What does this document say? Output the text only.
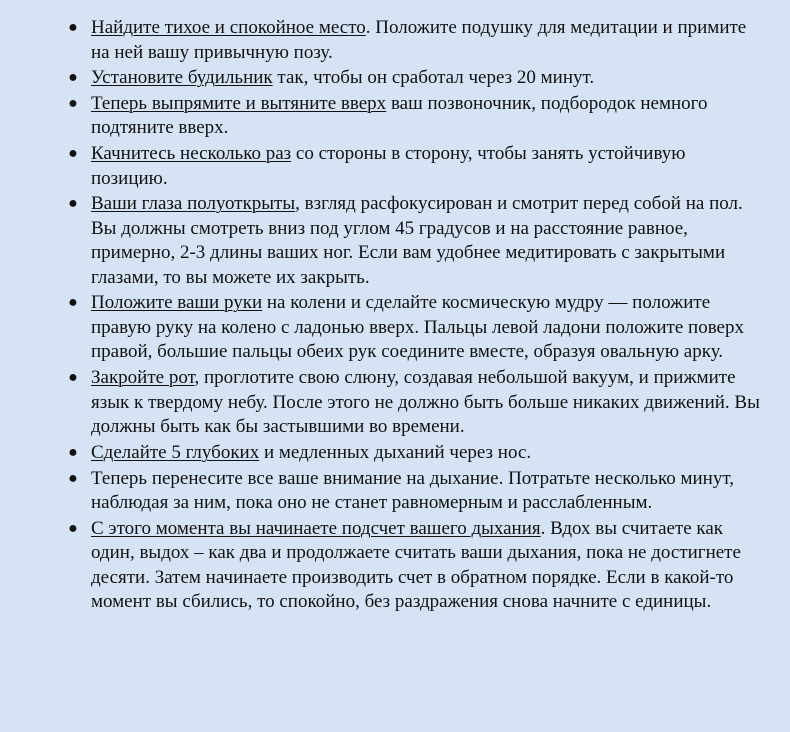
● Найдите тихое и спокойное место. Положите подушку для медитации и примите на ней вашу привычную позу.
● Установите будильник так, чтобы он сработал через 20 минут.
● Теперь выпрямите и вытяните вверх ваш позвоночник, подбородок немного подтяните вверх.
● Качнитесь несколько раз со стороны в сторону, чтобы занять устойчивую позицию.
● Ваши глаза полуоткрыты, взгляд расфокусирован и смотрит перед собой на пол. Вы должны смотреть вниз под углом 45 градусов и на расстояние равное, примерно, 2-3 длины ваших ног. Если вам удобнее медитировать с закрытыми глазами, то вы можете их закрыть.
● Положите ваши руки на колени и сделайте космическую мудру — положите правую руку на колено с ладонью вверх. Пальцы левой ладони положите поверх правой, большие пальцы обеих рук соедините вместе, образуя овальную арку.
● Закройте рот, проглотите свою слюну, создавая небольшой вакуум, и прижмите язык к твердому небу. После этого не должно быть больше никаких движений. Вы должны быть как бы застывшими во времени.
● Сделайте 5 глубоких и медленных дыханий через нос.
● Теперь перенесите все ваше внимание на дыхание. Потратьте несколько минут, наблюдая за ним, пока оно не станет равномерным и расслабленным.
● С этого момента вы начинаете подсчет вашего дыхания. Вдох вы считаете как один, выдох – как два и продолжаете считать ваши дыхания, пока не достигнете десяти. Затем начинаете производить счет в обратном порядке. Если в какой-то момент вы сбились, то спокойно, без раздражения снова начните с единицы.
